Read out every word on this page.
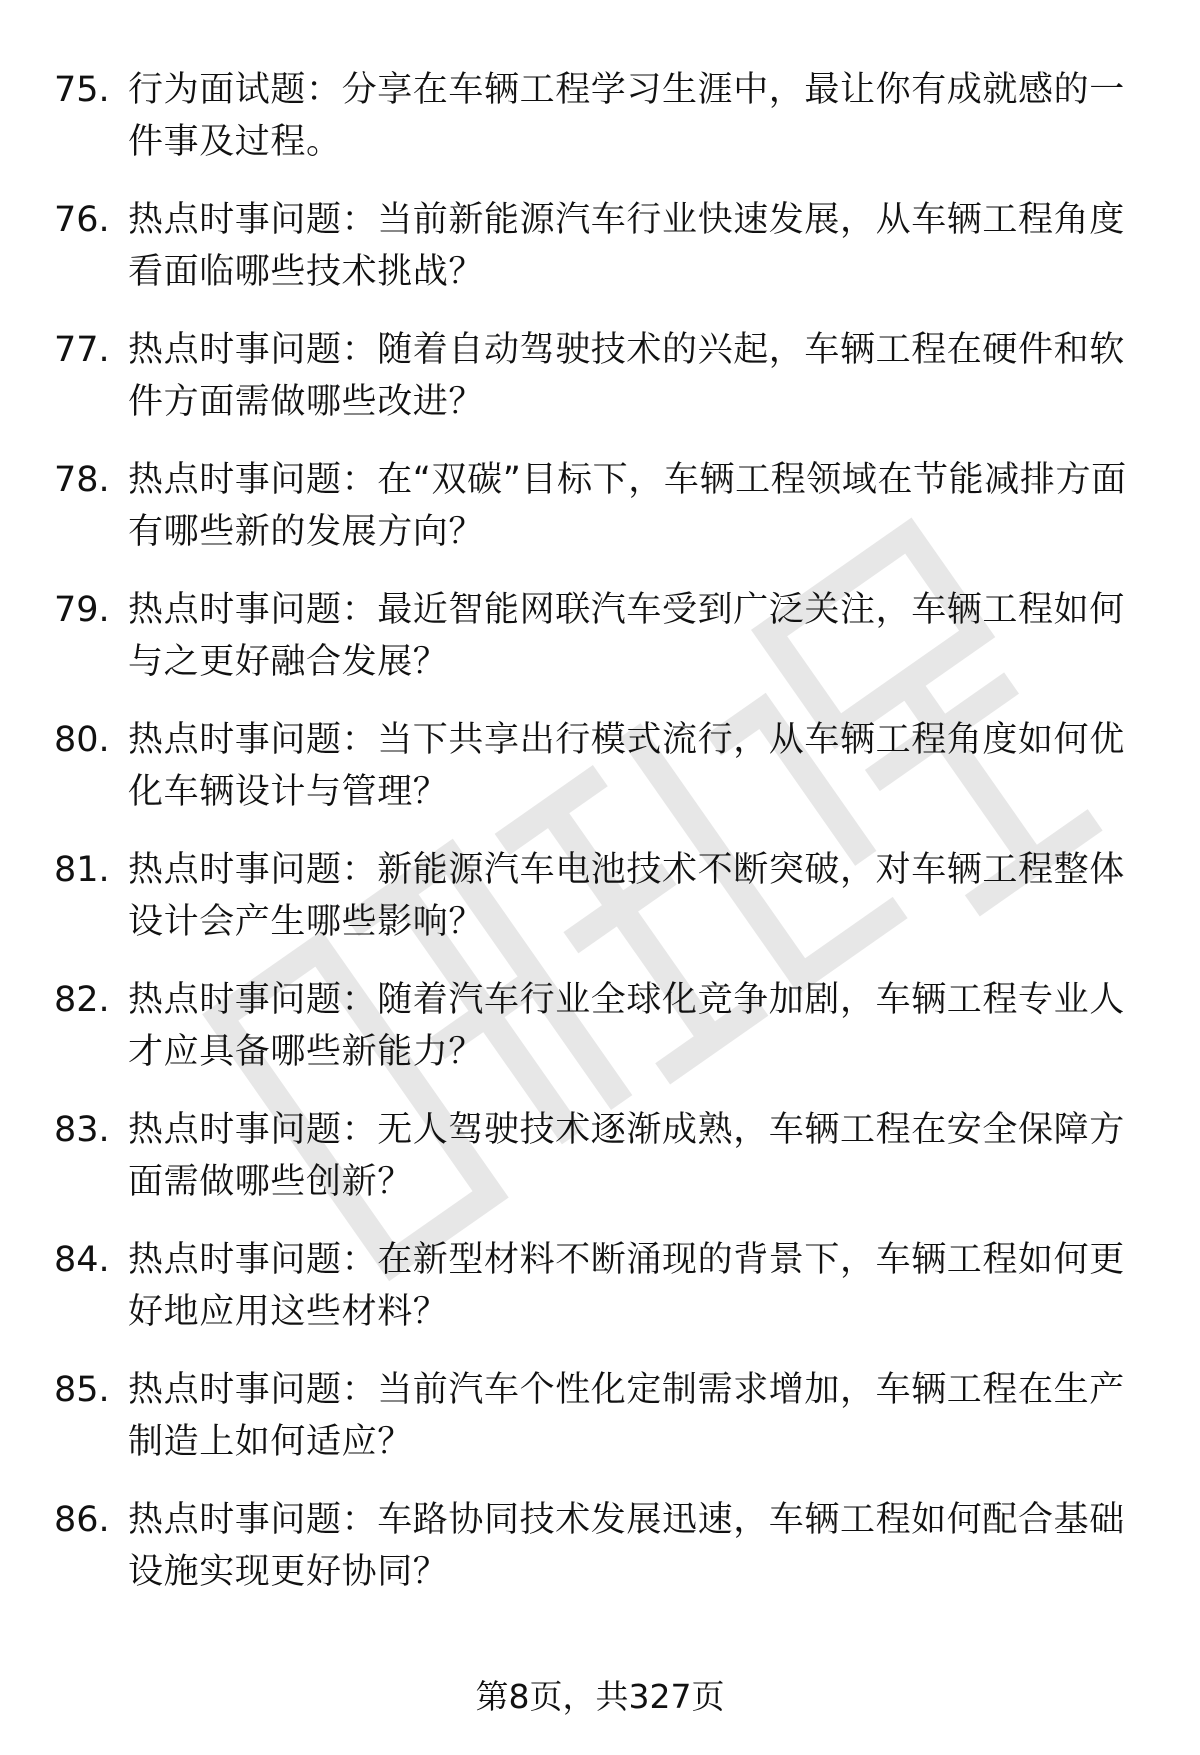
75. 行为面试题：分享在车辆工程学习生涯中，最让你有成就感的一件事及过程。
76. 热点时事问题：当前新能源汽车行业快速发展，从车辆工程角度看面临哪些技术挑战？
77. 热点时事问题：随着自动驾驶技术的兴起，车辆工程在硬件和软件方面需做哪些改进？
78. 热点时事问题：在“双碳”目标下，车辆工程领域在节能减排方面有哪些新的发展方向？
79. 热点时事问题：最近智能网联汽车受到广泛关注，车辆工程如何与之更好融合发展？
80. 热点时事问题：当下共享出行模式流行，从车辆工程角度如何优化车辆设计与管理？
81. 热点时事问题：新能源汽车电池技术不断突破，对车辆工程整体设计会产生哪些影响？
82. 热点时事问题：随着汽车行业全球化竞争加剧，车辆工程专业人才应具备哪些新能力？
83. 热点时事问题：无人驾驶技术逐渐成熟，车辆工程在安全保障方面需做哪些创新？
84. 热点时事问题：在新型材料不断涌现的背景下，车辆工程如何更好地应用这些材料？
85. 热点时事问题：当前汽车个性化定制需求增加，车辆工程在生产制造上如何适应？
86. 热点时事问题：车路协同技术发展迅速，车辆工程如何配合基础设施实现更好协同？
第8页，共327页
